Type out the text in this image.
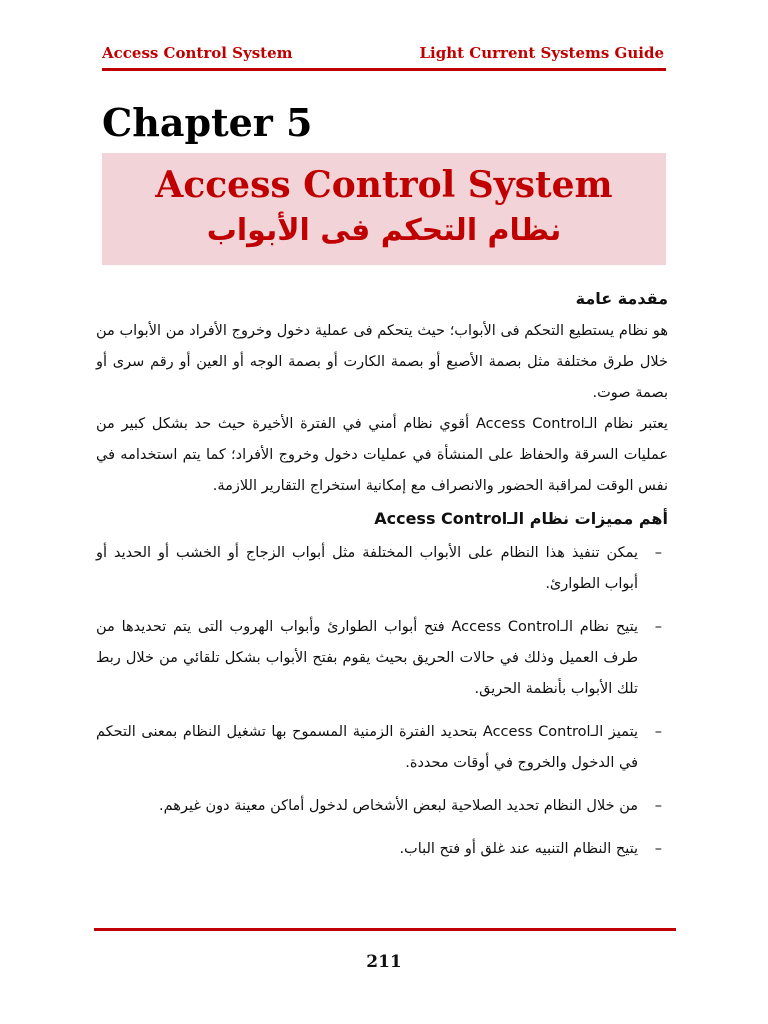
Access Control System	Light Current Systems Guide
Chapter 5
Access Control System
نظام التحكم فى الأبواب
مقدمة عامة

هو نظام يستطيع التحكم فى الأبواب؛ حيث يتحكم فى عملية دخول وخروج الأفراد من الأبواب من خلال طرق مختلفة مثل بصمة الأصبع أو بصمة الكارت أو بصمة الوجه أو العين أو رقم سرى أو بصمة صوت.

يعتبر نظام الـAccess Control أقوي نظام أمني في الفترة الأخيرة حيث حد بشكل كبير من عمليات السرقة والحفاظ على المنشأة في عمليات دخول وخروج الأفراد؛ كما يتم استخدامه في نفس الوقت لمراقبة الحضور والانصراف مع إمكانية استخراج التقارير اللازمة.

أهم مميزات نظام الـAccess Control
–
يمكن تنفيذ هذا النظام على الأبواب المختلفة مثل أبواب الزجاج أو الخشب أو الحديد أو أبواب الطوارئ.
–
يتيح نظام الـAccess Control فتح أبواب الطوارئ وأبواب الهروب التى يتم تحديدها من طرف العميل وذلك في حالات الحريق بحيث يقوم بفتح الأبواب بشكل تلقائي من خلال ربط تلك الأبواب بأنظمة الحريق.
–
يتميز الـAccess Control بتحديد الفترة الزمنية المسموح بها تشغيل النظام بمعنى التحكم في الدخول والخروج في أوقات محددة.
–
من خلال النظام تحديد الصلاحية لبعض الأشخاص لدخول أماكن معينة دون غيرهم.
–
يتيح النظام التنبيه عند غلق أو فتح الباب.
211
